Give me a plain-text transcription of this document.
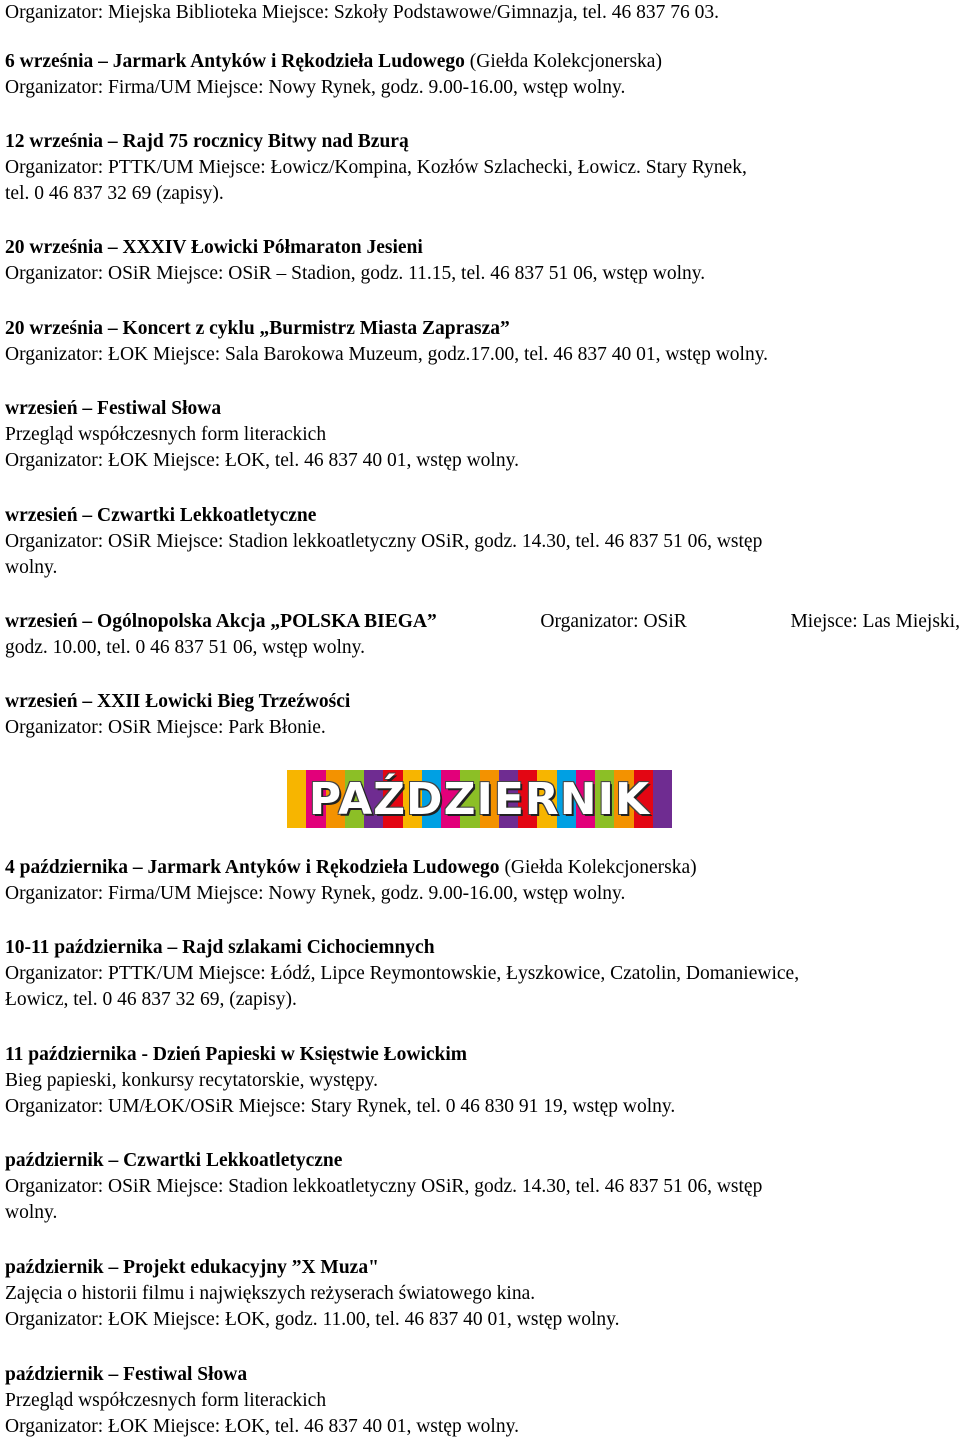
Organizator: Miejska Biblioteka Miejsce: Szkoły Podstawowe/Gimnazja, tel. 46 837 76 03.
6 września – Jarmark Antyków i Rękodzieła Ludowego (Giełda Kolekcjonerska)
Organizator: Firma/UM Miejsce: Nowy Rynek, godz. 9.00-16.00, wstęp wolny.
12 września – Rajd 75 rocznicy Bitwy nad Bzurą
Organizator: PTTK/UM Miejsce: Łowicz/Kompina, Kozłów Szlachecki, Łowicz. Stary Rynek,
tel. 0 46 837 32 69 (zapisy).
20 września – XXXIV Łowicki Półmaraton Jesieni
Organizator: OSiR Miejsce: OSiR – Stadion, godz. 11.15, tel. 46 837 51 06, wstęp wolny.
20 września – Koncert z cyklu „Burmistrz Miasta Zaprasza”
Organizator: ŁOK Miejsce: Sala Barokowa Muzeum, godz.17.00, tel. 46 837 40 01, wstęp wolny.
wrzesień – Festiwal Słowa
Przegląd współczesnych form literackich
Organizator: ŁOK Miejsce: ŁOK, tel. 46 837 40 01, wstęp wolny.
wrzesień – Czwartki Lekkoatletyczne
Organizator: OSiR Miejsce: Stadion lekkoatletyczny OSiR, godz. 14.30, tel. 46 837 51 06, wstęp
wolny.
wrzesień – Ogólnopolska Akcja „POLSKA BIEGA”	Organizator: OSiR	Miejsce: Las Miejski,
godz. 10.00, tel. 0 46 837 51 06, wstęp wolny.
wrzesień – XXII Łowicki Bieg Trzeźwości
Organizator: OSiR Miejsce: Park Błonie.
4 października – Jarmark Antyków i Rękodzieła Ludowego (Giełda Kolekcjonerska)
Organizator: Firma/UM Miejsce: Nowy Rynek, godz. 9.00-16.00, wstęp wolny.
10-11 października – Rajd szlakami Cichociemnych
Organizator: PTTK/UM Miejsce: Łódź, Lipce Reymontowskie, Łyszkowice, Czatolin, Domaniewice,
Łowicz, tel. 0 46 837 32 69, (zapisy).
11 października - Dzień Papieski w Księstwie Łowickim
Bieg papieski, konkursy recytatorskie, występy.
Organizator: UM/ŁOK/OSiR Miejsce: Stary Rynek, tel. 0 46 830 91 19, wstęp wolny.
październik – Czwartki Lekkoatletyczne
Organizator: OSiR Miejsce: Stadion lekkoatletyczny OSiR, godz. 14.30, tel. 46 837 51 06, wstęp
wolny.
październik – Projekt edukacyjny ”X Muza"
Zajęcia o historii filmu i największych reżyserach światowego kina.
Organizator: ŁOK Miejsce: ŁOK, godz. 11.00, tel. 46 837 40 01, wstęp wolny.
październik – Festiwal Słowa
Przegląd współczesnych form literackich
Organizator: ŁOK Miejsce: ŁOK, tel. 46 837 40 01, wstęp wolny.
PAŹDZIERNIK
